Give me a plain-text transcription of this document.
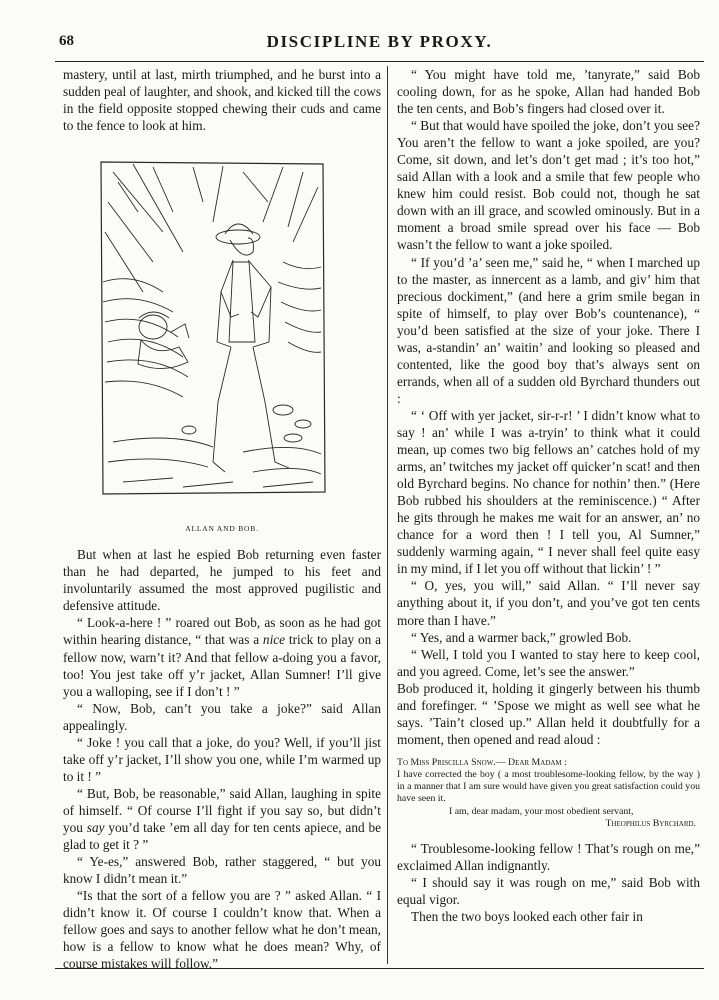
68	DISCIPLINE BY PROXY.

mastery, until at last, mirth triumphed, and he burst into a sudden peal of laughter, and shook, and kicked till the cows in the field opposite stopped chewing their cuds and came to the fence to look at him.

ALLAN AND BOB.

But when at last he espied Bob returning even faster than he had departed, he jumped to his feet and involuntarily assumed the most approved pugilistic and defensive attitude.

“ Look-a-here ! ” roared out Bob, as soon as he had got within hearing distance, “ that was a nice trick to play on a fellow now, warn’t it? And that fellow a-doing you a favor, too! You jest take off y’r jacket, Allan Sumner! I’ll give you a walloping, see if I don’t ! ”

“ Now, Bob, can’t you take a joke?” said Allan appealingly.

“ Joke ! you call that a joke, do you? Well, if you’ll jist take off y’r jacket, I’ll show you one, while I’m warmed up to it ! ”

“ But, Bob, be reasonable,” said Allan, laughing in spite of himself. “ Of course I’ll fight if you say so, but didn’t you say you’d take ’em all day for ten cents apiece, and be glad to get it ? ”

“ Ye-es,” answered Bob, rather staggered, “ but you know I didn’t mean it.”

“Is that the sort of a fellow you are ? ” asked Allan. “ I didn’t know it. Of course I couldn’t know that. When a fellow goes and says to another fellow what he don’t mean, how is a fellow to know what he does mean? Why, of course mistakes will follow.”

“ You might have told me, ’tanyrate,” said Bob cooling down, for as he spoke, Allan had handed Bob the ten cents, and Bob’s fingers had closed over it.

“ But that would have spoiled the joke, don’t you see? You aren’t the fellow to want a joke spoiled, are you? Come, sit down, and let’s don’t get mad ; it’s too hot,” said Allan with a look and a smile that few people who knew him could resist. Bob could not, though he sat down with an ill grace, and scowled ominously. But in a moment a broad smile spread over his face — Bob wasn’t the fellow to want a joke spoiled.

“ If you’d ’a’ seen me,” said he, “ when I marched up to the master, as innercent as a lamb, and giv’ him that precious dockiment,” (and here a grim smile began in spite of himself, to play over Bob’s countenance), “ you’d been satisfied at the size of your joke. There I was, a-standin’ an’ waitin’ and looking so pleased and contented, like the good boy that’s always sent on errands, when all of a sudden old Byrchard thunders out :

“ ‘ Off with yer jacket, sir-r-r! ’ I didn’t know what to say ! an’ while I was a-tryin’ to think what it could mean, up comes two big fellows an’ catches hold of my arms, an’ twitches my jacket off quicker’n scat! and then old Byrchard begins. No chance for nothin’ then.” (Here Bob rubbed his shoulders at the reminiscence.) “ After he gits through he makes me wait for an answer, an’ no chance for a word then ! I tell you, Al Sumner,” suddenly warming again, “ I never shall feel quite easy in my mind, if I let you off without that lickin’ ! ”

“ O, yes, you will,” said Allan. “ I’ll never say anything about it, if you don’t, and you’ve got ten cents more than I have.”

“ Yes, and a warmer back,” growled Bob.

“ Well, I told you I wanted to stay here to keep cool, and you agreed. Come, let’s see the answer.”

Bob produced it, holding it gingerly between his thumb and forefinger. “ ’Spose we might as well see what he says. ’Tain’t closed up.” Allan held it doubtfully for a moment, then opened and read aloud :

To Miss Priscilla Snow.— Dear Madam :

I have corrected the boy ( a most troublesome-looking fellow, by the way ) in a manner that I am sure would have given you great satisfaction could you have seen it.

I am, dear madam, your most obedient servant,

Theophilus Byrchard.

“ Troublesome-looking fellow ! That’s rough on me,” exclaimed Allan indignantly.

“ I should say it was rough on me,” said Bob with equal vigor.

Then the two boys looked each other fair in
